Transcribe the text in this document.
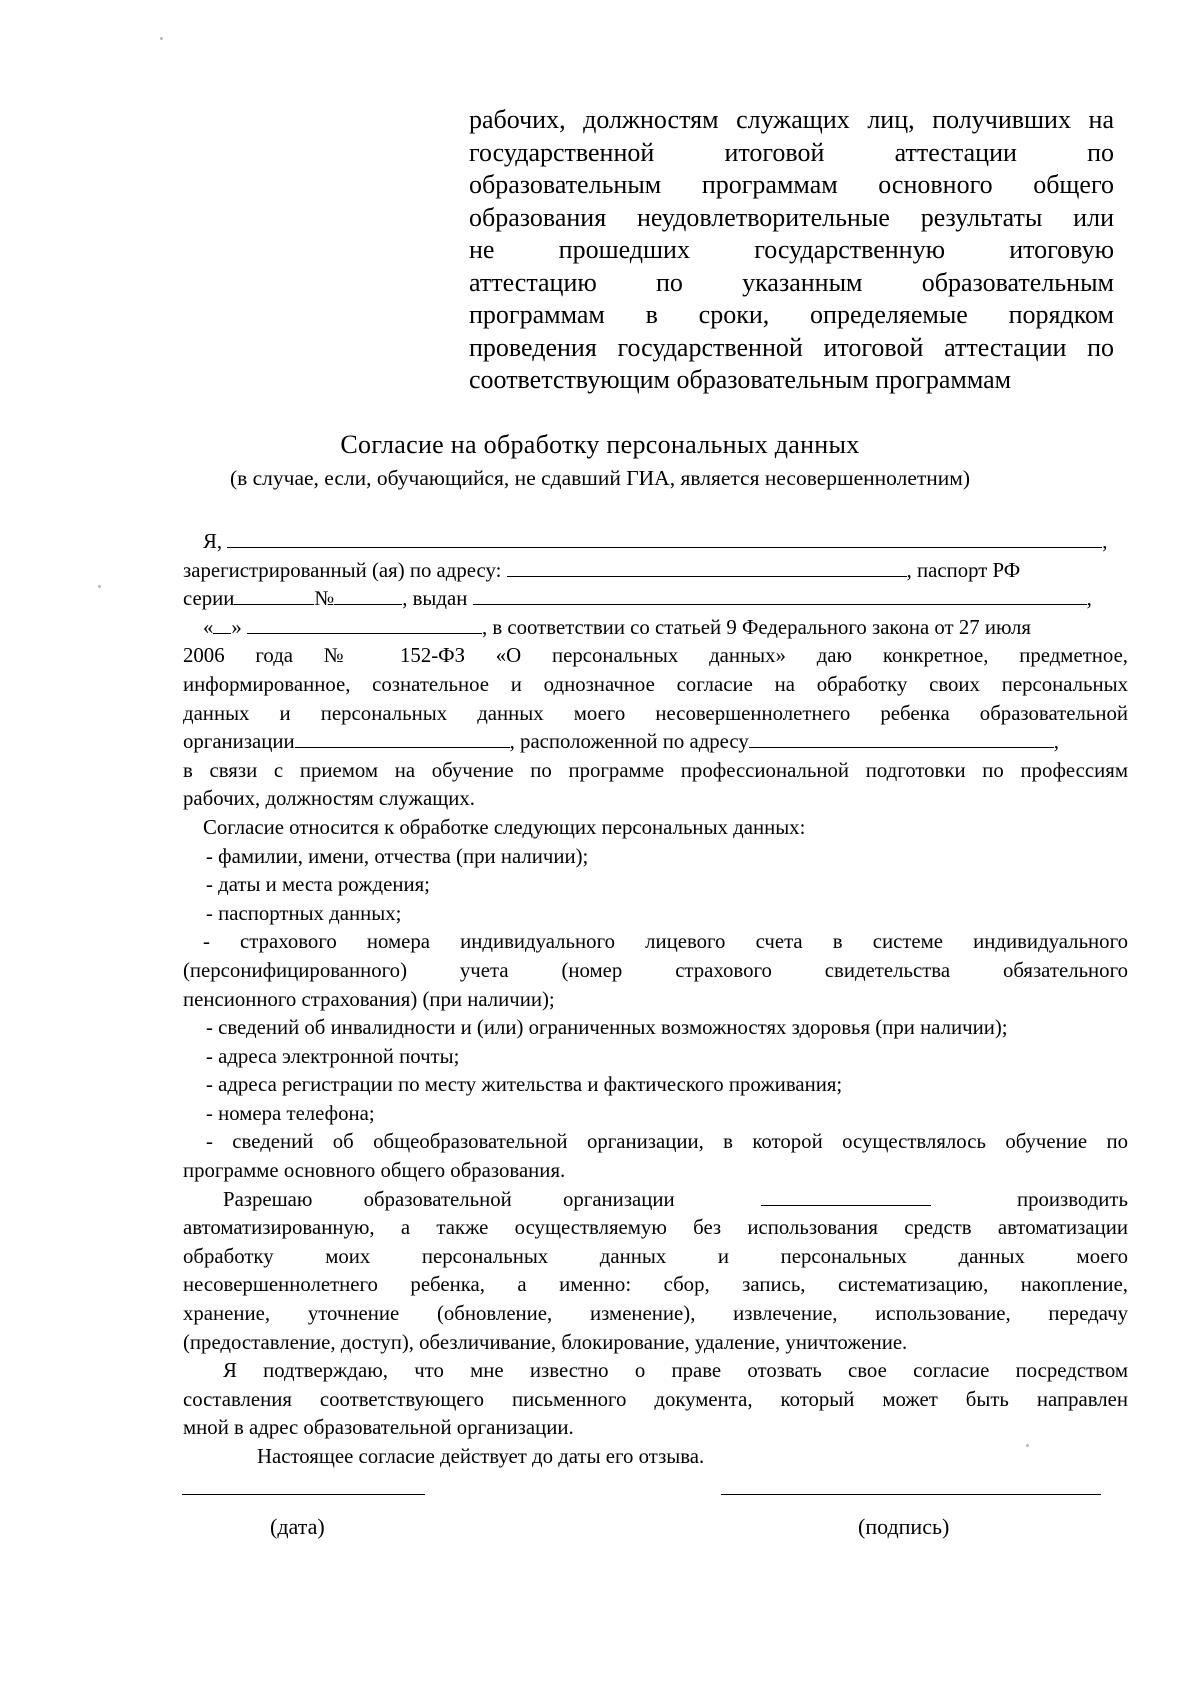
рабочих, должностям служащих лиц, получивших на
государственной итоговой аттестации по
образовательным программам основного общего
образования неудовлетворительные результаты или
не прошедших государственную итоговую
аттестацию по указанным образовательным
программам в сроки, определяемые порядком
проведения государственной итоговой аттестации по
соответствующим образовательным программам
Согласие на обработку персональных данных
(в случае, если, обучающийся, не сдавший ГИА, является несовершеннолетним)
Я,	,
зарегистрированный (ая) по адресу:	, паспорт РФ
серии	№	, выдан	,
« »	, в соответствии со статьей 9 Федерального закона от 27 июля
2006 года № 152-ФЗ «О персональных данных» даю конкретное, предметное,
информированное, сознательное и однозначное согласие на обработку своих персональных
данных и персональных данных моего несовершеннолетнего ребенка образовательной
организации	, расположенной по адресу	,
в связи с приемом на обучение по программе профессиональной подготовки по профессиям
рабочих, должностям служащих.
Согласие относится к обработке следующих персональных данных:
- фамилии, имени, отчества (при наличии);
- даты и места рождения;
- паспортных данных;
- страхового номера индивидуального лицевого счета в системе индивидуального
(персонифицированного) учета (номер страхового свидетельства обязательного
пенсионного страхования) (при наличии);
- сведений об инвалидности и (или) ограниченных возможностях здоровья (при наличии);
- адреса электронной почты;
- адреса регистрации по месту жительства и фактического проживания;
- номера телефона;
- сведений об общеобразовательной организации, в которой осуществлялось обучение по
программе основного общего образования.
Разрешаю образовательной организации	производить
автоматизированную, а также осуществляемую без использования средств автоматизации
обработку моих персональных данных и персональных данных моего
несовершеннолетнего ребенка, а именно: сбор, запись, систематизацию, накопление,
хранение, уточнение (обновление, изменение), извлечение, использование, передачу
(предоставление, доступ), обезличивание, блокирование, удаление, уничтожение.
Я подтверждаю, что мне известно о праве отозвать свое согласие посредством
составления соответствующего письменного документа, который может быть направлен
мной в адрес образовательной организации.
Настоящее согласие действует до даты его отзыва.
(дата)	(подпись)
